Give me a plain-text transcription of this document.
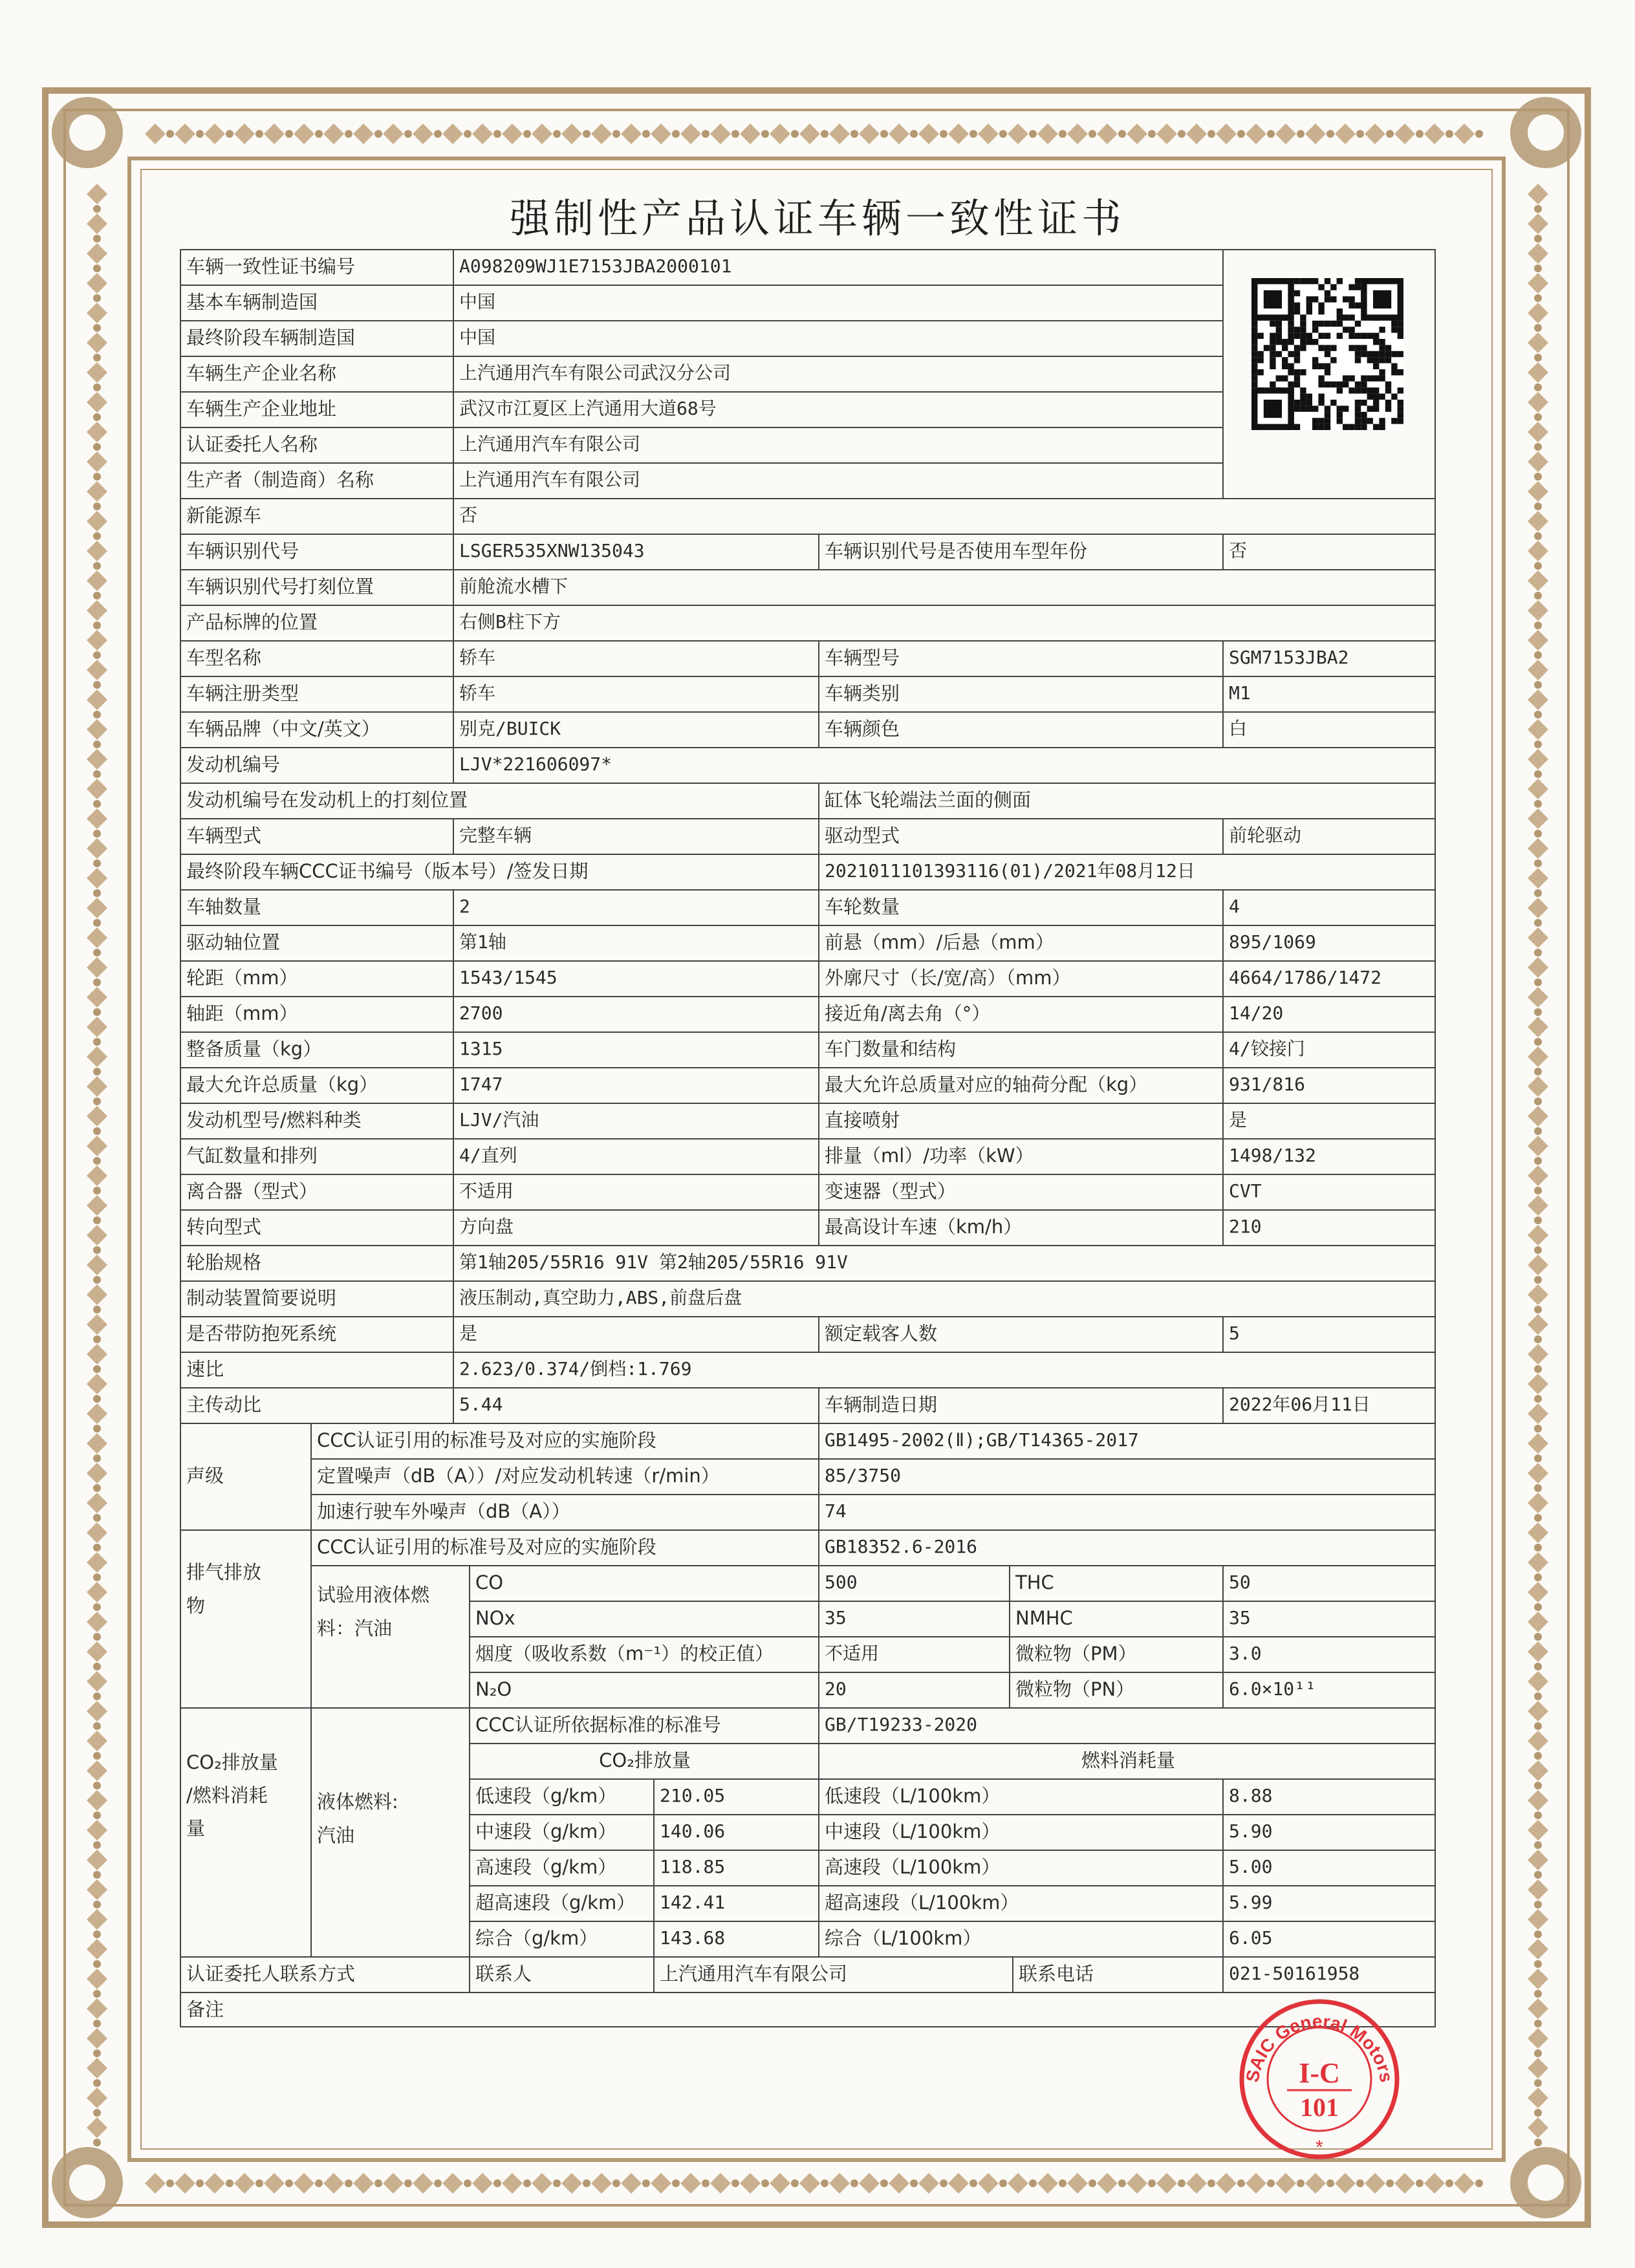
强制性产品认证车辆一致性证书
SAIC General Motors
I-C
101
*
车辆一致性证书编号	A098209WJ1E7153JBA2000101
基本车辆制造国	中国
最终阶段车辆制造国	中国
车辆生产企业名称	上汽通用汽车有限公司武汉分公司
车辆生产企业地址	武汉市江夏区上汽通用大道68号
认证委托人名称	上汽通用汽车有限公司
生产者（制造商）名称	上汽通用汽车有限公司
新能源车	否
车辆识别代号	LSGER535XNW135043	车辆识别代号是否使用车型年份	否
车辆识别代号打刻位置	前舱流水槽下
产品标牌的位置	右侧B柱下方
车型名称	轿车	车辆型号	SGM7153JBA2
车辆注册类型	轿车	车辆类别	M1
车辆品牌（中文/英文）	别克/BUICK	车辆颜色	白
发动机编号	LJV*221606097*
发动机编号在发动机上的打刻位置	缸体飞轮端法兰面的侧面
车辆型式	完整车辆	驱动型式	前轮驱动
最终阶段车辆CCC证书编号（版本号）/签发日期	2021011101393116(01)/2021年08月12日
车轴数量	2	车轮数量	4
驱动轴位置	第1轴	前悬（mm）/后悬（mm）	895/1069
轮距（mm）	1543/1545	外廓尺寸（长/宽/高）（mm）	4664/1786/1472
轴距（mm）	2700	接近角/离去角（°）	14/20
整备质量（kg）	1315	车门数量和结构	4/铰接门
最大允许总质量（kg）	1747	最大允许总质量对应的轴荷分配（kg）	931/816
发动机型号/燃料种类	LJV/汽油	直接喷射	是
气缸数量和排列	4/直列	排量（ml）/功率（kW）	1498/132
离合器（型式）	不适用	变速器（型式）	CVT
转向型式	方向盘	最高设计车速（km/h）	210
轮胎规格	第1轴205/55R16 91V 第2轴205/55R16 91V
制动装置简要说明	液压制动,真空助力,ABS,前盘后盘
是否带防抱死系统	是	额定载客人数	5
速比	2.623/0.374/倒档:1.769
主传动比	5.44	车辆制造日期	2022年06月11日
声级
CCC认证引用的标准号及对应的实施阶段	GB1495-2002(Ⅱ);GB/T14365-2017
定置噪声（dB（A））/对应发动机转速（r/min）	85/3750
加速行驶车外噪声（dB（A））	74
排气排放
物
CCC认证引用的标准号及对应的实施阶段	GB18352.6-2016
试验用液体燃
料：汽油
CO	500	THC	50
NOx	35	NMHC	35
烟度（吸收系数（m⁻¹）的校正值）	不适用	微粒物（PM）	3.0
N₂O	20	微粒物（PN）	6.0×10¹¹
CO₂排放量
/燃料消耗
量
液体燃料:
汽油
CCC认证所依据标准的标准号	GB/T19233-2020
CO₂排放量	燃料消耗量
低速段（g/km）	210.05	低速段（L/100km）	8.88
中速段（g/km）	140.06	中速段（L/100km）	5.90
高速段（g/km）	118.85	高速段（L/100km）	5.00
超高速段（g/km）	142.41	超高速段（L/100km）	5.99
综合（g/km）	143.68	综合（L/100km）	6.05
认证委托人联系方式	联系人	上汽通用汽车有限公司	联系电话	021-50161958
备注
